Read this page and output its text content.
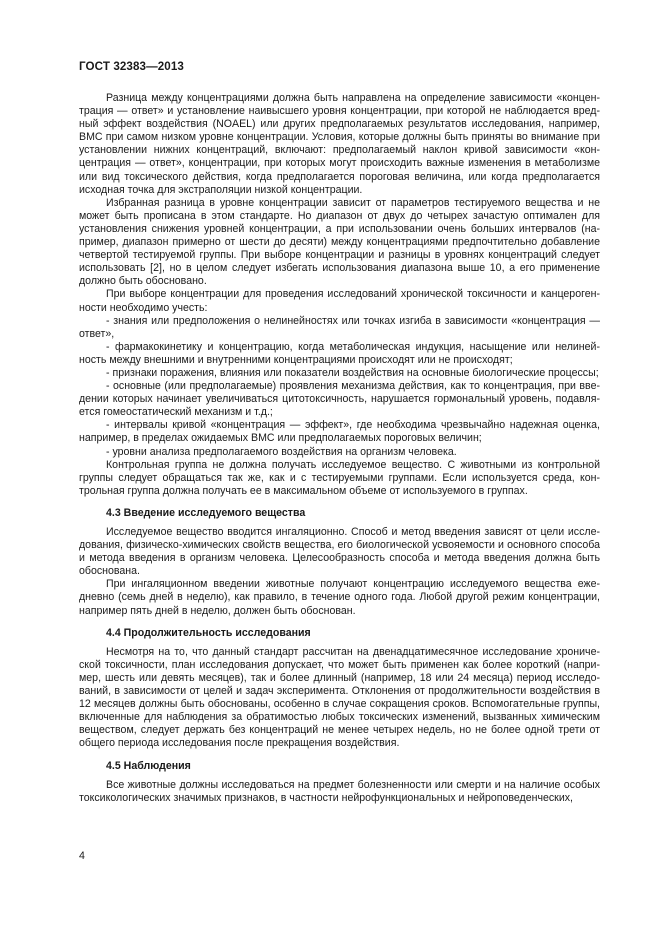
ГОСТ 32383—2013

Разница между концентрациями должна быть направлена на определение зависимости «концентрация — ответ» и установление наивысшего уровня концентрации, при которой не наблюдается вредный эффект воздействия (NOAEL) или других предполагаемых результатов исследования, например, ВМС при самом низком уровне концентрации. Условия, которые должны быть приняты во внимание при установлении нижних концентраций, включают: предполагаемый наклон кривой зависимости «концентрация — ответ», концентрации, при которых могут происходить важные изменения в метаболизме или вид токсического действия, когда предполагается пороговая величина, или когда предполагается исходная точка для экстраполяции низкой концентрации.

Избранная разница в уровне концентрации зависит от параметров тестируемого вещества и не может быть прописана в этом стандарте. Но диапазон от двух до четырех зачастую оптимален для установления снижения уровней концентрации, а при использовании очень больших интервалов (например, диапазон примерно от шести до десяти) между концентрациями предпочтительно добавление четвертой тестируемой группы. При выборе концентрации и разницы в уровнях концентраций следует использовать [2], но в целом следует избегать использования диапазона выше 10, а его применение должно быть обосновано.

При выборе концентрации для проведения исследований хронической токсичности и канцерогенности необходимо учесть:

- знания или предположения о нелинейностях или точках изгиба в зависимости «концентрация — ответ»,

- фармакокинетику и концентрацию, когда метаболическая индукция, насыщение или нелинейность между внешними и внутренними концентрациями происходят или не происходят;

- признаки поражения, влияния или показатели воздействия на основные биологические процессы;

- основные (или предполагаемые) проявления механизма действия, как то концентрация, при введении которых начинает увеличиваться цитотоксичность, нарушается гормональный уровень, подавляется гомеостатический механизм и т.д.;

- интервалы кривой «концентрация — эффект», где необходима чрезвычайно надежная оценка, например, в пределах ожидаемых ВМС или предполагаемых пороговых величин;

- уровни анализа предполагаемого воздействия на организм человека.

Контрольная группа не должна получать исследуемое вещество. С животными из контрольной группы следует обращаться так же, как и с тестируемыми группами. Если используется среда, контрольная группа должна получать ее в максимальном объеме от используемого в группах.

4.3 Введение исследуемого вещества

Исследуемое вещество вводится ингаляционно. Способ и метод введения зависят от цели исследования, физическо-химических свойств вещества, его биологической усвояемости и основного способа и метода введения в организм человека. Целесообразность способа и метода введения должна быть обоснована.

При ингаляционном введении животные получают концентрацию исследуемого вещества ежедневно (семь дней в неделю), как правило, в течение одного года. Любой другой режим концентрации, например пять дней в неделю, должен быть обоснован.

4.4 Продолжительность исследования

Несмотря на то, что данный стандарт рассчитан на двенадцатимесячное исследование хронической токсичности, план исследования допускает, что может быть применен как более короткий (например, шесть или девять месяцев), так и более длинный (например, 18 или 24 месяца) период исследований, в зависимости от целей и задач эксперимента. Отклонения от продолжительности воздействия в 12 месяцев должны быть обоснованы, особенно в случае сокращения сроков. Вспомогательные группы, включенные для наблюдения за обратимостью любых токсических изменений, вызванных химическим веществом, следует держать без концентраций не менее четырех недель, но не более одной трети от общего периода исследования после прекращения воздействия.

4.5 Наблюдения

Все животные должны исследоваться на предмет болезненности или смерти и на наличие особых токсикологических значимых признаков, в частности нейрофункциональных и нейроповеденческих,

4
